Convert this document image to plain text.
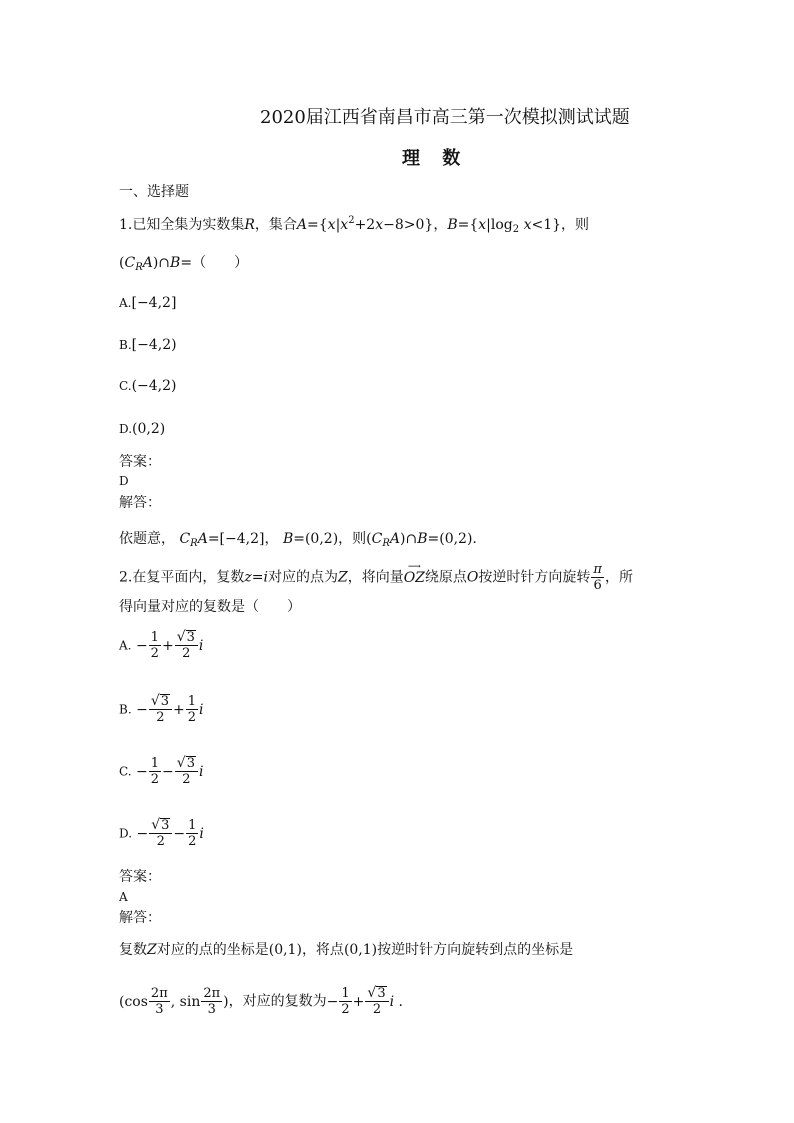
2020届江西省南昌市高三第一次模拟测试试题
理 数
一、选择题
1.已知全集为实数集R，集合$A=\{x|x^2+2x-8>0\}$，$B=\{x|\log_2$ x<1}，则
$(C_RA)\cap B=$（　　）
A.[−4,2]
B.[−4,2)
C.(−4,2)
D.(0,2)
答案：
D
解答：
依题意， $C_RA=[-4,2]$， B=(0,2)，则$(C_RA)\cap B=(0,2)$.
2.在复平面内，复数z=i对应的点为Z，将向量
⟶
OZ绕原点O按逆时针方向旋转 $\frac{\pi}{6}$ ，所
得向量对应的复数是（　　）
A. − $\frac{1}{2} + \frac{√ 3}{2}$ i
B. − $\frac{√ 3}{2} + \frac{1}{2}$ i
C. − $\frac{1}{2} - \frac{√ 3}{2}$ i
D. − $\frac{√ 3}{2} - \frac{1}{2}$ i
答案：
A
解答：
复数Z对应的点的坐标是(0,1)，将点(0,1)按逆时针方向旋转到点的坐标是
($\cos \frac{2\pi}{3}$ , $\sin \frac{2\pi}{3}$ )，对应的复数为− $\frac{1}{2} + \frac{√ 3}{2}$ i .
